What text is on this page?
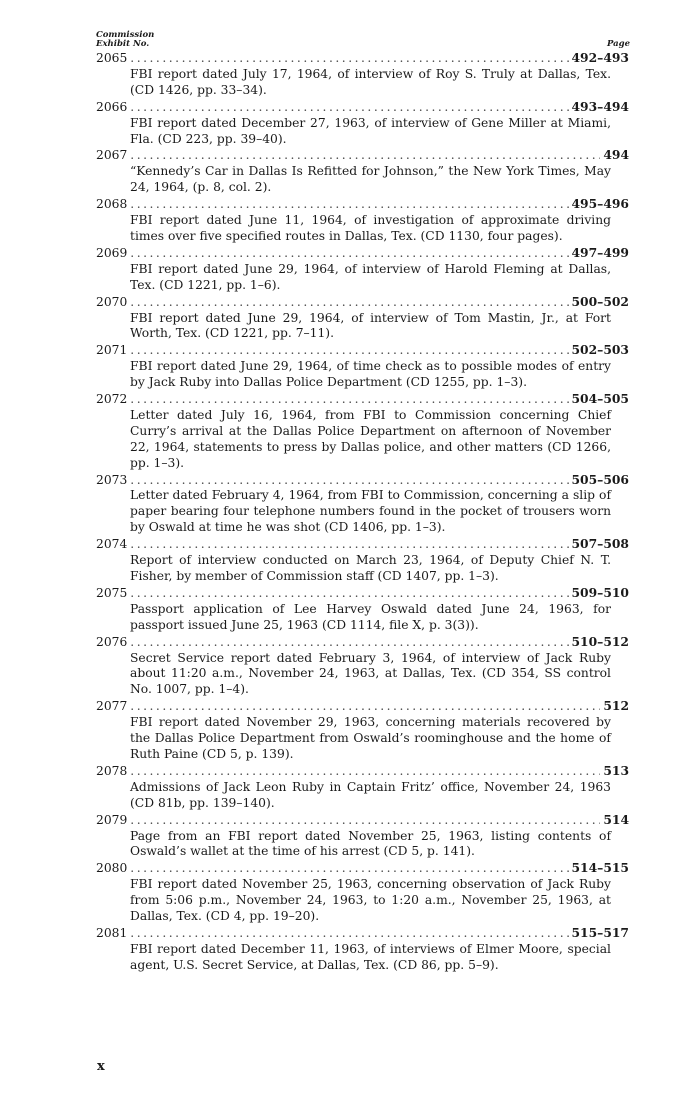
Commission
Exhibit No.	Page
2065 .....	492–493
FBI report dated July 17, 1964, of interview of Roy S. Truly at Dallas, Tex. (CD 1426, pp. 33–34).
2066 .....	493–494
FBI report dated December 27, 1963, of interview of Gene Miller at Miami, Fla. (CD 223, pp. 39–40).
2067 .....	494
“Kennedy’s Car in Dallas Is Refitted for Johnson,” the New York Times, May 24, 1964, (p. 8, col. 2).
2068 .....	495–496
FBI report dated June 11, 1964, of investigation of approximate driving times over five specified routes in Dallas, Tex. (CD 1130, four pages).
2069 .....	497–499
FBI report dated June 29, 1964, of interview of Harold Fleming at Dallas, Tex. (CD 1221, pp. 1–6).
2070 .....	500–502
FBI report dated June 29, 1964, of interview of Tom Mastin, Jr., at Fort Worth, Tex. (CD 1221, pp. 7–11).
2071 .....	502–503
FBI report dated June 29, 1964, of time check as to possible modes of entry by Jack Ruby into Dallas Police Department (CD 1255, pp. 1–3).
2072 .....	504–505
Letter dated July 16, 1964, from FBI to Commission concerning Chief Curry’s arrival at the Dallas Police Department on afternoon of November 22, 1964, statements to press by Dallas police, and other matters (CD 1266, pp. 1–3).
2073 .....	505–506
Letter dated February 4, 1964, from FBI to Commission, concerning a slip of paper bearing four telephone numbers found in the pocket of trousers worn by Oswald at time he was shot (CD 1406, pp. 1–3).
2074 .....	507–508
Report of interview conducted on March 23, 1964, of Deputy Chief N. T. Fisher, by member of Commission staff (CD 1407, pp. 1–3).
2075 .....	509–510
Passport application of Lee Harvey Oswald dated June 24, 1963, for passport issued June 25, 1963 (CD 1114, file X, p. 3(3)).
2076 .....	510–512
Secret Service report dated February 3, 1964, of interview of Jack Ruby about 11:20 a.m., November 24, 1963, at Dallas, Tex. (CD 354, SS control No. 1007, pp. 1–4).
2077 .....	512
FBI report dated November 29, 1963, concerning materials recovered by the Dallas Police Department from Oswald’s roominghouse and the home of Ruth Paine (CD 5, p. 139).
2078 .....	513
Admissions of Jack Leon Ruby in Captain Fritz’ office, November 24, 1963 (CD 81b, pp. 139–140).
2079 .....	514
Page from an FBI report dated November 25, 1963, listing contents of Oswald’s wallet at the time of his arrest (CD 5, p. 141).
2080 .....	514–515
FBI report dated November 25, 1963, concerning observation of Jack Ruby from 5:06 p.m., November 24, 1963, to 1:20 a.m., November 25, 1963, at Dallas, Tex. (CD 4, pp. 19–20).
2081 .....	515–517
FBI report dated December 11, 1963, of interviews of Elmer Moore, special agent, U.S. Secret Service, at Dallas, Tex. (CD 86, pp. 5–9).
x
